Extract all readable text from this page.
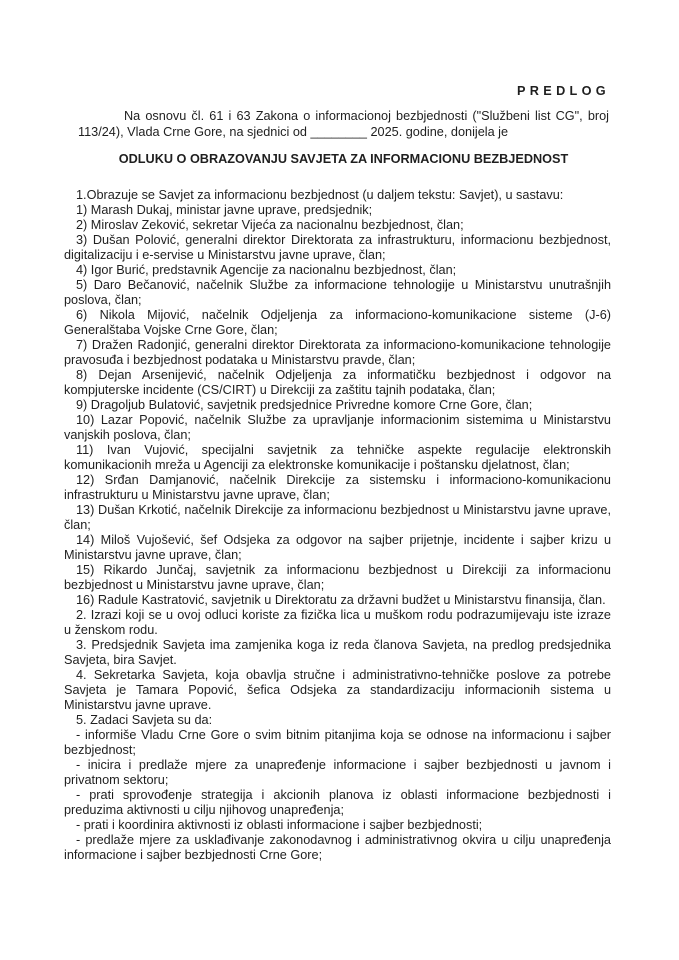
PREDLOG

Na osnovu čl. 61 i 63 Zakona o informacionoj bezbjednosti ("Službeni list CG", broj 113/24), Vlada Crne Gore, na sjednici od ________ 2025. godine, donijela je

ODLUKU O OBRAZOVANJU SAVJETA ZA INFORMACIONU BEZBJEDNOST

1.Obrazuje se Savjet za informacionu bezbjednost (u daljem tekstu: Savjet), u sastavu:

1) Marash Dukaj, ministar javne uprave, predsjednik;

2) Miroslav Zeković, sekretar Vijeća za nacionalnu bezbjednost, član;

3) Dušan Polović, generalni direktor Direktorata za infrastrukturu, informacionu bezbjednost, digitalizaciju i e-servise u Ministarstvu javne uprave, član;

4) Igor Burić, predstavnik Agencije za nacionalnu bezbjednost, član;

5) Daro Bečanović, načelnik Službe za informacione tehnologije u Ministarstvu unutrašnjih poslova, član;

6) Nikola Mijović, načelnik Odjeljenja za informaciono-komunikacione sisteme (J-6) Generalštaba Vojske Crne Gore, član;

7) Dražen Radonjić, generalni direktor Direktorata za informaciono-komunikacione tehnologije pravosuđa i bezbjednost podataka u Ministarstvu pravde, član;

8) Dejan Arsenijević, načelnik Odjeljenja za informatičku bezbjednost i odgovor na kompjuterske incidente (CS/CIRT) u Direkciji za zaštitu tajnih podataka, član;

9) Dragoljub Bulatović, savjetnik predsjednice Privredne komore Crne Gore, član;

10) Lazar Popović, načelnik Službe za upravljanje informacionim sistemima u Ministarstvu vanjskih poslova, član;

11) Ivan Vujović, specijalni savjetnik za tehničke aspekte regulacije elektronskih komunikacionih mreža u Agenciji za elektronske komunikacije i poštansku djelatnost, član;

12) Srđan Damjanović, načelnik Direkcije za sistemsku i informaciono-komunikacionu infrastrukturu u Ministarstvu javne uprave, član;

13) Dušan Krkotić, načelnik Direkcije za informacionu bezbjednost u Ministarstvu javne uprave, član;

14) Miloš Vujošević, šef Odsjeka za odgovor na sajber prijetnje, incidente i sajber krizu u Ministarstvu javne uprave, član;

15) Rikardo Junčaj, savjetnik za informacionu bezbjednost u Direkciji za informacionu bezbjednost u Ministarstvu javne uprave, član;

16) Radule Kastratović, savjetnik u Direktoratu za državni budžet u Ministarstvu finansija, član.

2. Izrazi koji se u ovoj odluci koriste za fizička lica u muškom rodu podrazumijevaju iste izraze u ženskom rodu.

3. Predsjednik Savjeta ima zamjenika koga iz reda članova Savjeta, na predlog predsjednika Savjeta, bira Savjet.

4. Sekretarka Savjeta, koja obavlja stručne i administrativno-tehničke poslove za potrebe Savjeta je Tamara Popović, šefica Odsjeka za standardizaciju informacionih sistema u Ministarstvu javne uprave.

5. Zadaci Savjeta su da:

- informiše Vladu Crne Gore o svim bitnim pitanjima koja se odnose na informacionu i sajber bezbjednost;

- inicira i predlaže mjere za unapređenje informacione i sajber bezbjednosti u javnom i privatnom sektoru;

- prati sprovođenje strategija i akcionih planova iz oblasti informacione bezbjednosti i preduzima aktivnosti u cilju njihovog unapređenja;

- prati i koordinira aktivnosti iz oblasti informacione i sajber bezbjednosti;

- predlaže mjere za usklađivanje zakonodavnog i administrativnog okvira u cilju unapređenja informacione i sajber bezbjednosti Crne Gore;
